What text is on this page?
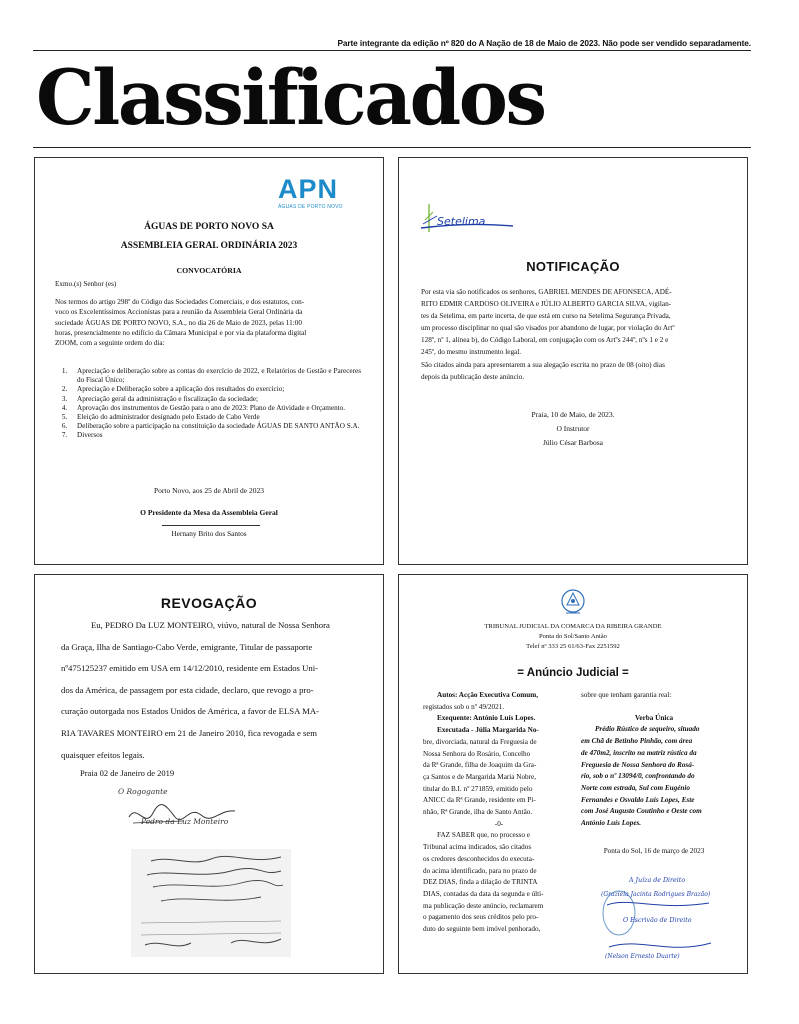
Parte integrante da edição nº 820 do A Nação de 18 de Maio de 2023. Não pode ser vendido separadamente.
Classificados
APN
ÁGUAS DE PORTO NOVO
ÁGUAS DE PORTO NOVO SA
ASSEMBLEIA GERAL ORDINÁRIA 2023
CONVOCATÓRIA
Exmo.(s) Senhor (es)
Nos termos do artigo 298º do Código das Sociedades Comerciais, e dos estatutos, con-
voco os Excelentíssimos Accionistas para a reunião da Assembleia Geral Ordinária da
sociedade ÁGUAS DE PORTO NOVO, S.A., no dia 26 de Maio de 2023, pelas 11:00
horas, presencialmente no edifício da Câmara Municipal e por via da plataforma digital
ZOOM, com a seguinte ordem do dia:
1. Apreciação e deliberação sobre as contas do exercício de 2022, e Relatórios de Gestão e Pareceres do Fiscal Único;
2. Apreciação e Deliberação sobre a aplicação dos resultados do exercício;
3. Apreciação geral da administração e fiscalização da sociedade;
4. Aprovação dos instrumentos de Gestão para o ano de 2023: Plano de Atividade e Orçamento.
5. Eleição do administrador designado pelo Estado de Cabo Verde
6. Deliberação sobre a participação na constituição da sociedade ÁGUAS DE SANTO ANTÃO S.A.
7. Diversos
Porto Novo, aos 25 de Abril de 2023
O Presidente da Mesa da Assembleia Geral
Hernany Brito dos Santos
Setelima
NOTIFICAÇÃO
Por esta via são notificados os senhores, GABRIEL MENDES DE AFONSECA, ADÉ-
RITO EDMIR CARDOSO OLIVEIRA e JÚLIO ALBERTO GARCIA SILVA, vigilan-
tes da Setelima, em parte incerta, de que está em curso na Setelima Segurança Privada,
um processo disciplinar no qual são visados por abandono de lugar, por violação do Artº
128º, nº 1, alínea b), do Código Laboral, em conjugação com os Artºs 244º, nºs 1 e 2 e
245º, do mesmo instrumento legal.
São citados ainda para apresentarem a sua alegação escrita no prazo de 08 (oito) dias
depois da publicação deste anúncio.
Praia, 10 de Maio, de 2023.
O Instrutor
Júlio César Barbosa
REVOGAÇÃO
Eu, PEDRO Da LUZ MONTEIRO, viúvo, natural de Nossa Senhora
da Graça, Ilha de Santiago-Cabo Verde, emigrante, Titular de passaporte
nº475125237 emitido em USA em 14/12/2010, residente em Estados Uni-
dos da América, de passagem por esta cidade, declaro, que revogo a pro-
curação outorgada nos Estados Unidos de América, a favor de ELSA MA-
RIA TAVARES MONTEIRO em 21 de Janeiro 2010, fica revogada e sem
quaisquer efeitos legais.
Praia 02 de Janeiro de 2019
O Rogogante
Pedro da Luz Monteiro
TRIBUNAL JUDICIAL DA COMARCA DA RIBEIRA GRANDE
Ponta do Sol/Santo Antão
Telef nº 333 25 61/63-Fax 2251592
= Anúncio Judicial =
Autos: Acção Executiva Comum,
registados sob o nº 49/2021.
Exequente: António Luís Lopes.
Executada - Júlia Margarida No-
bre, divorciada, natural da Freguesia de
Nossa Senhora do Rosário, Concelho
da Rª Grande, filha de Joaquim da Gra-
ça Santos e de Margarida Maria Nobre,
titular do B.I. nº 271859, emitido pelo
ANICC da Rª Grande, residente em Pi-
nhão, Rª Grande, ilha de Santo Antão.
-0-
FAZ SABER que, no processo e
Tribunal acima indicados, são citados
os credores desconhecidos do executa-
do acima identificado, para no prazo de
DEZ DIAS, finda a dilação de TRINTA
DIAS, contadas da data da segunda e últi-
ma publicação deste anúncio, reclamarem
o pagamento dos seus créditos pelo pro-
duto do seguinte bem imóvel penhorado,
sobre que tenham garantia real:
Verba Única
Prédio Rústico de sequeiro, situado
em Chã de Betinho Pinhão, com área
de 470m2, inscrito na matriz rústica da
Freguesia de Nossa Senhora do Rosá-
rio, sob o nº 13094/0, confrontando do
Norte com estrada, Sul com Eugénio
Fernandes e Osvaldo Luís Lopes, Este
com José Augusto Coutinho e Oeste com
António Luís Lopes.
Ponta do Sol, 16 de março de 2023
A Juíza de Direito
(Graziela Jacinta Rodrigues Brazão)
O Escrivão de Direito
(Nelson Ernesto Duarte)
